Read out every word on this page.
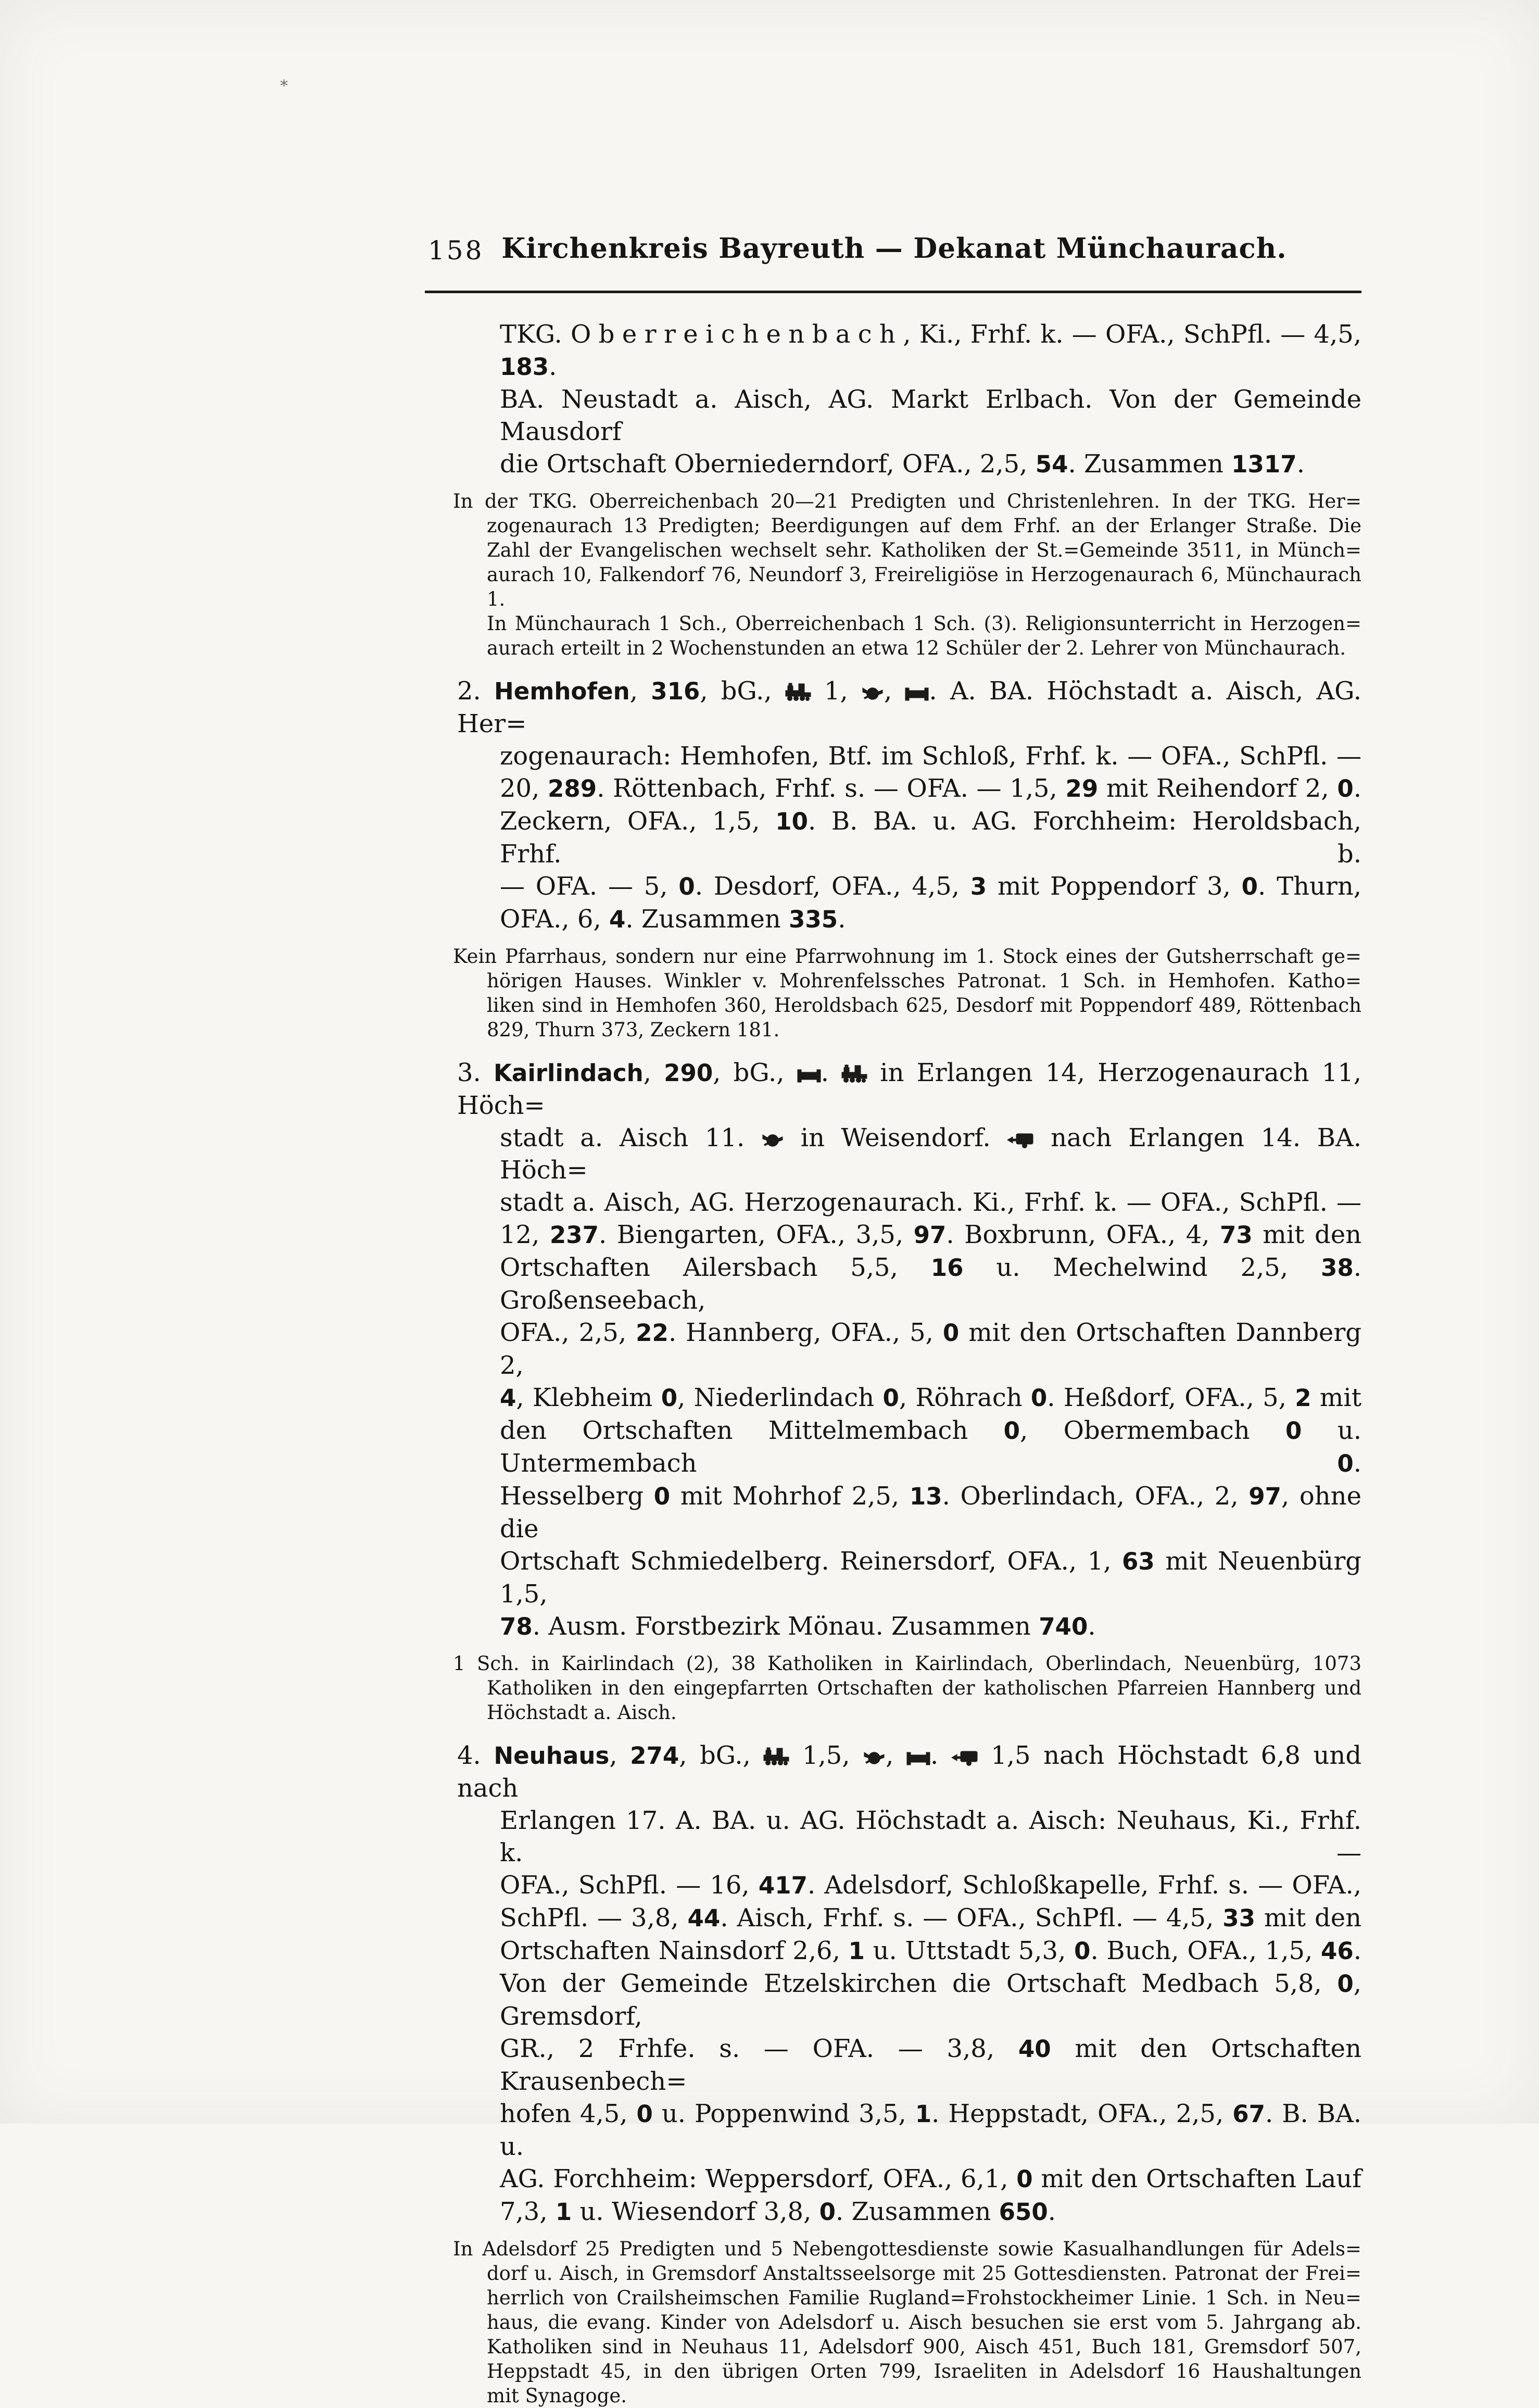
*
158 Kirchenkreis Bayreuth — Dekanat Münchaurach.
TKG. Oberreichenbach, Ki., Frhf. k. — OFA., SchPfl. — 4,5, 183.
BA. Neustadt a. Aisch, AG. Markt Erlbach. Von der Gemeinde Mausdorf
die Ortschaft Oberniederndorf, OFA., 2,5, 54. Zusammen 1317.
In der TKG. Oberreichenbach 20—21 Predigten und Christenlehren. In der TKG. Her=
zogenaurach 13 Predigten; Beerdigungen auf dem Frhf. an der Erlanger Straße. Die
Zahl der Evangelischen wechselt sehr. Katholiken der St.=Gemeinde 3511, in Münch=
aurach 10, Falkendorf 76, Neundorf 3, Freireligiöse in Herzogenaurach 6, Münchaurach 1.
In Münchaurach 1 Sch., Oberreichenbach 1 Sch. (3). Religionsunterricht in Herzogen=
aurach erteilt in 2 Wochenstunden an etwa 12 Schüler der 2. Lehrer von Münchaurach.
2. Hemhofen, 316, bG.,  1, , . A. BA. Höchstadt a. Aisch, AG. Her=
zogenaurach: Hemhofen, Btf. im Schloß, Frhf. k. — OFA., SchPfl. —
20, 289. Röttenbach, Frhf. s. — OFA. — 1,5, 29 mit Reihendorf 2, 0.
Zeckern, OFA., 1,5, 10. B. BA. u. AG. Forchheim: Heroldsbach, Frhf. b.
— OFA. — 5, 0. Desdorf, OFA., 4,5, 3 mit Poppendorf 3, 0. Thurn,
OFA., 6, 4. Zusammen 335.
Kein Pfarrhaus, sondern nur eine Pfarrwohnung im 1. Stock eines der Gutsherrschaft ge=
hörigen Hauses. Winkler v. Mohrenfelssches Patronat. 1 Sch. in Hemhofen. Katho=
liken sind in Hemhofen 360, Heroldsbach 625, Desdorf mit Poppendorf 489, Röttenbach
829, Thurn 373, Zeckern 181.
3. Kairlindach, 290, bG., .  in Erlangen 14, Herzogenaurach 11, Höch=
stadt a. Aisch 11.  in Weisendorf.  nach Erlangen 14. BA. Höch=
stadt a. Aisch, AG. Herzogenaurach. Ki., Frhf. k. — OFA., SchPfl. —
12, 237. Biengarten, OFA., 3,5, 97. Boxbrunn, OFA., 4, 73 mit den
Ortschaften Ailersbach 5,5, 16 u. Mechelwind 2,5, 38. Großenseebach,
OFA., 2,5, 22. Hannberg, OFA., 5, 0 mit den Ortschaften Dannberg 2,
4, Klebheim 0, Niederlindach 0, Röhrach 0. Heßdorf, OFA., 5, 2 mit
den Ortschaften Mittelmembach 0, Obermembach 0 u. Untermembach 0.
Hesselberg 0 mit Mohrhof 2,5, 13. Oberlindach, OFA., 2, 97, ohne die
Ortschaft Schmiedelberg. Reinersdorf, OFA., 1, 63 mit Neuenbürg 1,5,
78. Ausm. Forstbezirk Mönau. Zusammen 740.
1 Sch. in Kairlindach (2), 38 Katholiken in Kairlindach, Oberlindach, Neuenbürg, 1073
Katholiken in den eingepfarrten Ortschaften der katholischen Pfarreien Hannberg und
Höchstadt a. Aisch.
4. Neuhaus, 274, bG.,  1,5, , .  1,5 nach Höchstadt 6,8 und nach
Erlangen 17. A. BA. u. AG. Höchstadt a. Aisch: Neuhaus, Ki., Frhf. k. —
OFA., SchPfl. — 16, 417. Adelsdorf, Schloßkapelle, Frhf. s. — OFA.,
SchPfl. — 3,8, 44. Aisch, Frhf. s. — OFA., SchPfl. — 4,5, 33 mit den
Ortschaften Nainsdorf 2,6, 1 u. Uttstadt 5,3, 0. Buch, OFA., 1,5, 46.
Von der Gemeinde Etzelskirchen die Ortschaft Medbach 5,8, 0, Gremsdorf,
GR., 2 Frhfe. s. — OFA. — 3,8, 40 mit den Ortschaften Krausenbech=
hofen 4,5, 0 u. Poppenwind 3,5, 1. Heppstadt, OFA., 2,5, 67. B. BA. u.
AG. Forchheim: Weppersdorf, OFA., 6,1, 0 mit den Ortschaften Lauf
7,3, 1 u. Wiesendorf 3,8, 0. Zusammen 650.
In Adelsdorf 25 Predigten und 5 Nebengottesdienste sowie Kasualhandlungen für Adels=
dorf u. Aisch, in Gremsdorf Anstaltsseelsorge mit 25 Gottesdiensten. Patronat der Frei=
herrlich von Crailsheimschen Familie Rugland=Frohstockheimer Linie. 1 Sch. in Neu=
haus, die evang. Kinder von Adelsdorf u. Aisch besuchen sie erst vom 5. Jahrgang ab.
Katholiken sind in Neuhaus 11, Adelsdorf 900, Aisch 451, Buch 181, Gremsdorf 507,
Heppstadt 45, in den übrigen Orten 799, Israeliten in Adelsdorf 16 Haushaltungen
mit Synagoge.
